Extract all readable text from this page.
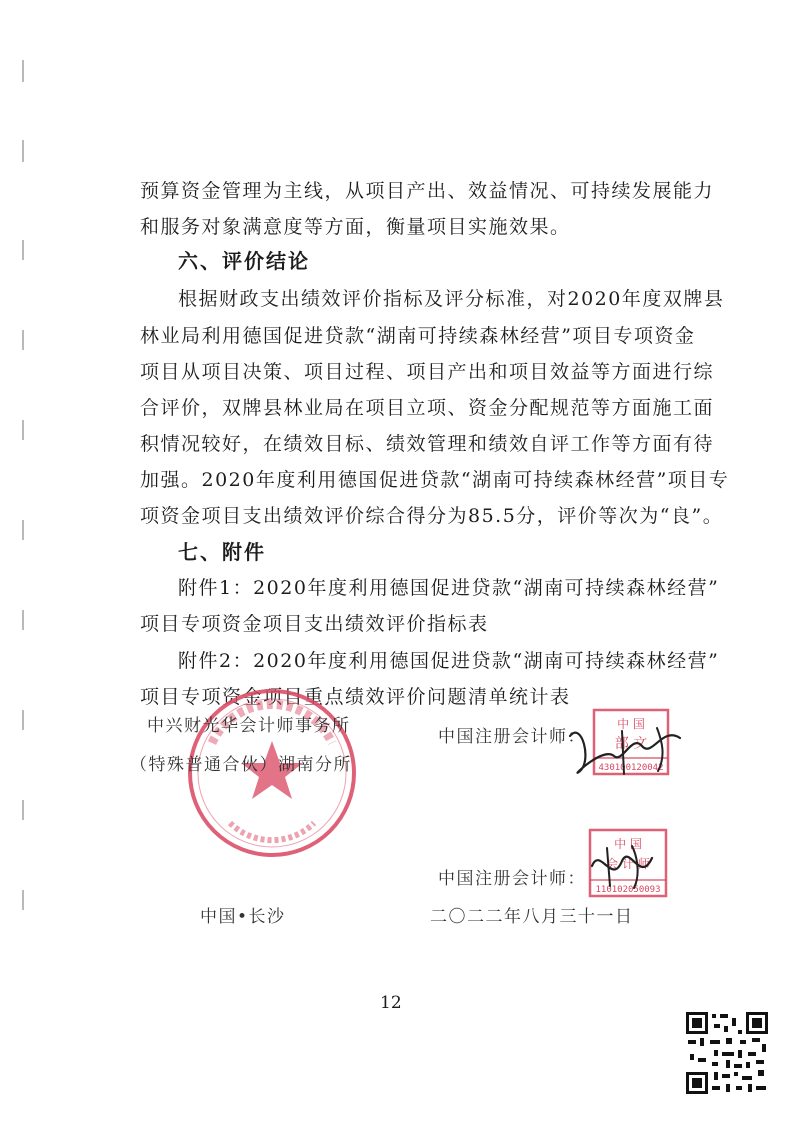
预算资金管理为主线，从项目产出、效益情况、可持续发展能力

和服务对象满意度等方面，衡量项目实施效果。

六、评价结论

根据财政支出绩效评价指标及评分标准，对2020年度双牌县

林业局利用德国促进贷款“湖南可持续森林经营”项目专项资金

项目从项目决策、项目过程、项目产出和项目效益等方面进行综

合评价，双牌县林业局在项目立项、资金分配规范等方面施工面

积情况较好，在绩效目标、绩效管理和绩效自评工作等方面有待

加强。2020年度利用德国促进贷款“湖南可持续森林经营”项目专

项资金项目支出绩效评价综合得分为85.5分，评价等次为“良”。

七、附件

附件1：2020年度利用德国促进贷款“湖南可持续森林经营”

项目专项资金项目支出绩效评价指标表

附件2：2020年度利用德国促进贷款“湖南可持续森林经营”

项目专项资金项目重点绩效评价问题清单统计表

中兴财光华会计师事务所
（特殊普通合伙）湖南分所
中国注册会计师：
中 国
部 文
430100120042
中 国
会 计 师
110102050093
中国注册会计师：
中国•长沙	二〇二二年八月三十一日
12
